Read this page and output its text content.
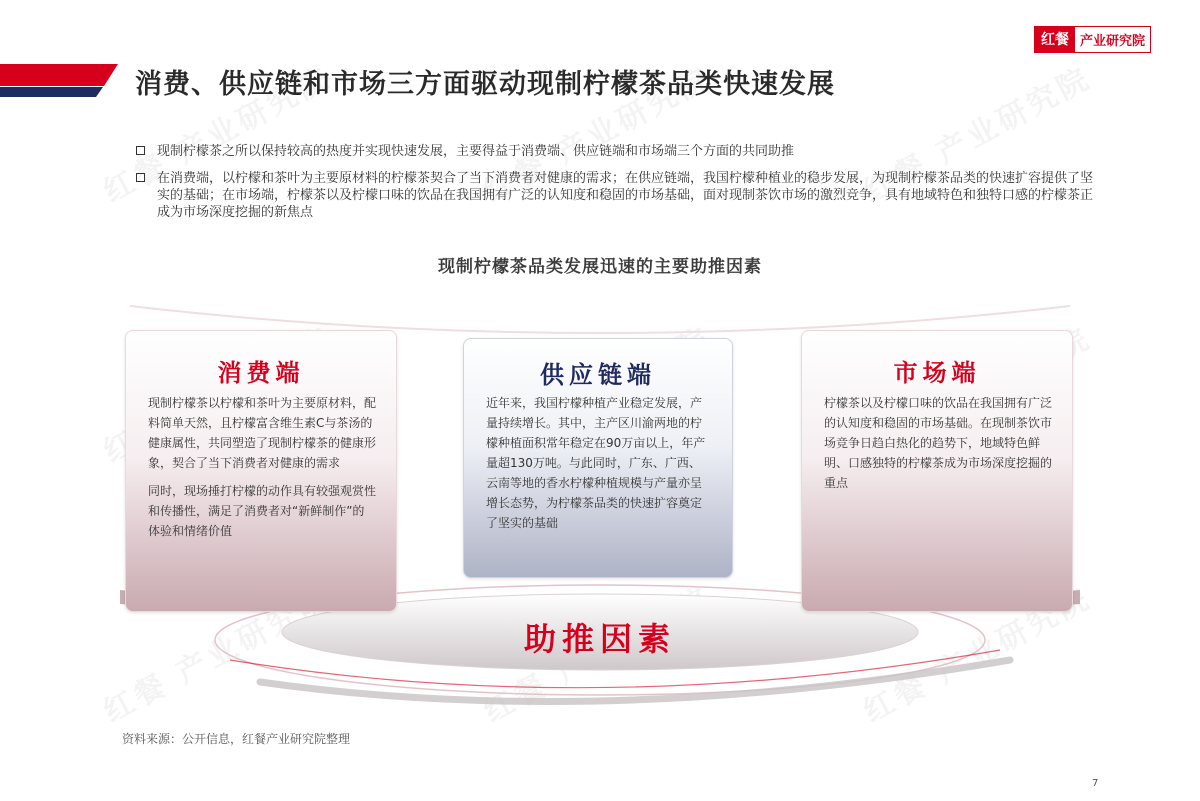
红餐 产业研究院
消费、供应链和市场三方面驱动现制柠檬茶品类快速发展
现制柠檬茶之所以保持较高的热度并实现快速发展，主要得益于消费端、供应链端和市场端三个方面的共同助推
在消费端，以柠檬和茶叶为主要原材料的柠檬茶契合了当下消费者对健康的需求；在供应链端，我国柠檬种植业的稳步发展，为现制柠檬茶品类的快速扩容提供了坚实的基础；在市场端，柠檬茶以及柠檬口味的饮品在我国拥有广泛的认知度和稳固的市场基础，面对现制茶饮市场的激烈竞争，具有地域特色和独特口感的柠檬茶正成为市场深度挖掘的新焦点
现制柠檬茶品类发展迅速的主要助推因素
消费端

现制柠檬茶以柠檬和茶叶为主要原材料，配料简单天然，且柠檬富含维生素C与茶汤的健康属性，共同塑造了现制柠檬茶的健康形象，契合了当下消费者对健康的需求

同时，现场捶打柠檬的动作具有较强观赏性和传播性，满足了消费者对“新鲜制作”的体验和情绪价值

供应链端

近年来，我国柠檬种植产业稳定发展，产量持续增长。其中，主产区川渝两地的柠檬种植面积常年稳定在90万亩以上，年产量超130万吨。与此同时，广东、广西、云南等地的香水柠檬种植规模与产量亦呈增长态势，为柠檬茶品类的快速扩容奠定了坚实的基础

市场端

柠檬茶以及柠檬口味的饮品在我国拥有广泛的认知度和稳固的市场基础。在现制茶饮市场竞争日趋白热化的趋势下，地域特色鲜明、口感独特的柠檬茶成为市场深度挖掘的重点

助推因素
资料来源：公开信息，红餐产业研究院整理
7
